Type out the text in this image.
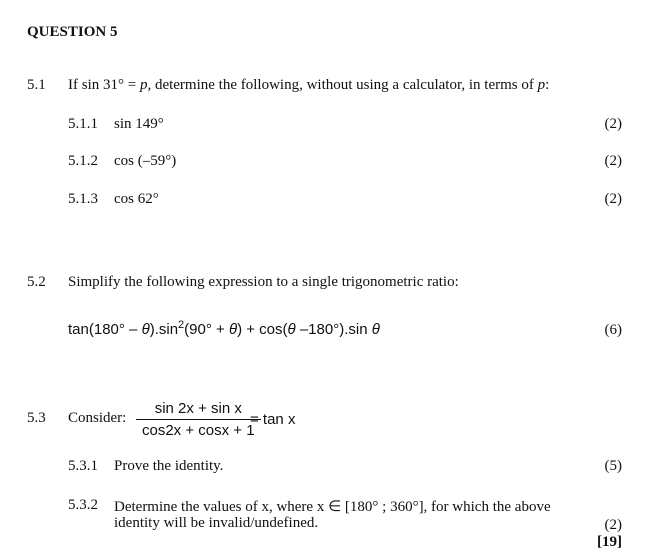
QUESTION 5
5.1 If sin 31° = p, determine the following, without using a calculator, in terms of p:
5.1.1 sin 149°	(2)
5.1.2 cos (–59°)	(2)
5.1.3 cos 62°	(2)
5.2 Simplify the following expression to a single trigonometric ratio:
$\tan(180^\circ - \theta).\sin^2(90^\circ + \theta) + \cos(\theta$ –180°).sin θ	(6)
5.3 Consider:
sin 2x + sin x
cos2x + cosx + 1
= tan x
5.3.1 Prove the identity.	(5)
5.3.2 Determine the values of x, where x ∈ [180° ; 360°], for which the above
identity will be invalid/undefined.	(2)
[19]
